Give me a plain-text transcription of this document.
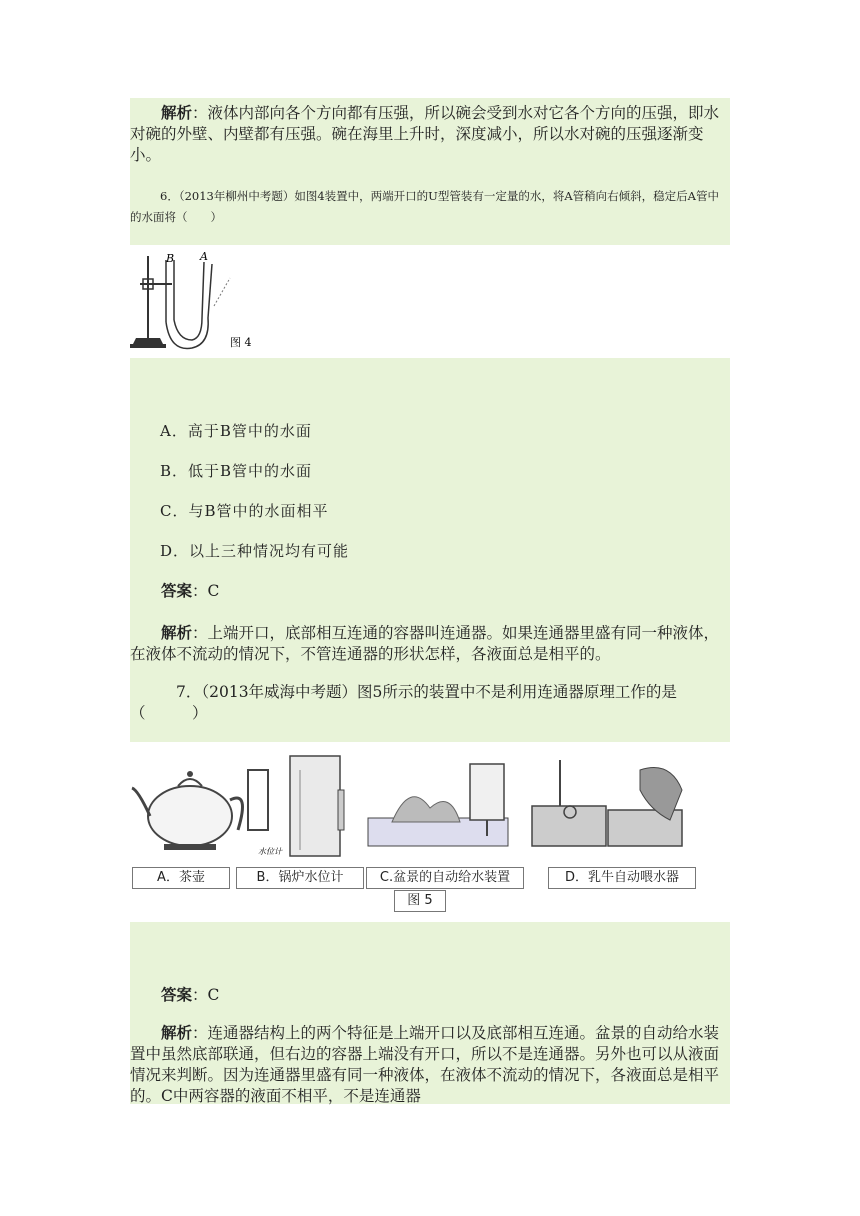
解析：液体内部向各个方向都有压强，所以碗会受到水对它各个方向的压强，即水对碗的外壁、内壁都有压强。碗在海里上升时，深度减小，所以水对碗的压强逐渐变小。
6．（2013年柳州中考题）如图4装置中，两端开口的U型管装有一定量的水，将A管稍向右倾斜，稳定后A管中的水面将（　　）
B A
图 4
A．高于B管中的水面
B．低于B管中的水面
C．与B管中的水面相平
D．以上三种情况均有可能
答案：C
解析：上端开口，底部相互连通的容器叫连通器。如果连通器里盛有同一种液体，在液体不流动的情况下，不管连通器的形状怎样，各液面总是相平的。
7．（2013年威海中考题）图5所示的装置中不是利用连通器原理工作的是（　　　）
水位计
A．茶壶	B．锅炉水位计	C.盆景的自动给水装置	D．乳牛自动喂水器
图 5
答案：C
解析：连通器结构上的两个特征是上端开口以及底部相互连通。盆景的自动给水装置中虽然底部联通，但右边的容器上端没有开口，所以不是连通器。另外也可以从液面情况来判断。因为连通器里盛有同一种液体，在液体不流动的情况下，各液面总是相平的。C中两容器的液面不相平，不是连通器
